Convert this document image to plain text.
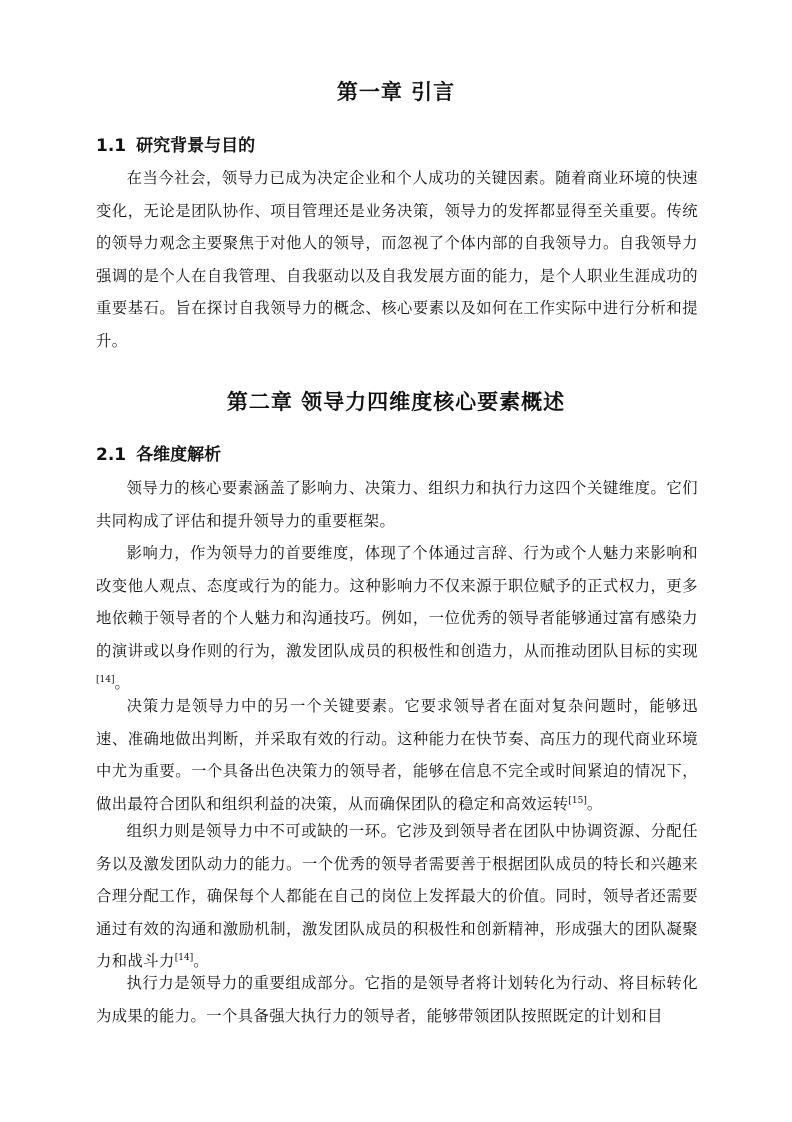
第一章 引言
1.1 研究背景与目的

在当今社会，领导力已成为决定企业和个人成功的关键因素。随着商业环境的快速变化，无论是团队协作、项目管理还是业务决策，领导力的发挥都显得至关重要。传统的领导力观念主要聚焦于对他人的领导，而忽视了个体内部的自我领导力。自我领导力强调的是个人在自我管理、自我驱动以及自我发展方面的能力，是个人职业生涯成功的重要基石。旨在探讨自我领导力的概念、核心要素以及如何在工作实际中进行分析和提升。

第二章 领导力四维度核心要素概述
2.1 各维度解析

领导力的核心要素涵盖了影响力、决策力、组织力和执行力这四个关键维度。它们共同构成了评估和提升领导力的重要框架。

影响力，作为领导力的首要维度，体现了个体通过言辞、行为或个人魅力来影响和改变他人观点、态度或行为的能力。这种影响力不仅来源于职位赋予的正式权力，更多地依赖于领导者的个人魅力和沟通技巧。例如，一位优秀的领导者能够通过富有感染力的演讲或以身作则的行为，激发团队成员的积极性和创造力，从而推动团队目标的实现[14]。

决策力是领导力中的另一个关键要素。它要求领导者在面对复杂问题时，能够迅速、准确地做出判断，并采取有效的行动。这种能力在快节奏、高压力的现代商业环境中尤为重要。一个具备出色决策力的领导者，能够在信息不完全或时间紧迫的情况下，做出最符合团队和组织利益的决策，从而确保团队的稳定和高效运转[15]。

组织力则是领导力中不可或缺的一环。它涉及到领导者在团队中协调资源、分配任务以及激发团队动力的能力。一个优秀的领导者需要善于根据团队成员的特长和兴趣来合理分配工作，确保每个人都能在自己的岗位上发挥最大的价值。同时，领导者还需要通过有效的沟通和激励机制，激发团队成员的积极性和创新精神，形成强大的团队凝聚力和战斗力[14]。

执行力是领导力的重要组成部分。它指的是领导者将计划转化为行动、将目标转化为成果的能力。一个具备强大执行力的领导者，能够带领团队按照既定的计划和目
